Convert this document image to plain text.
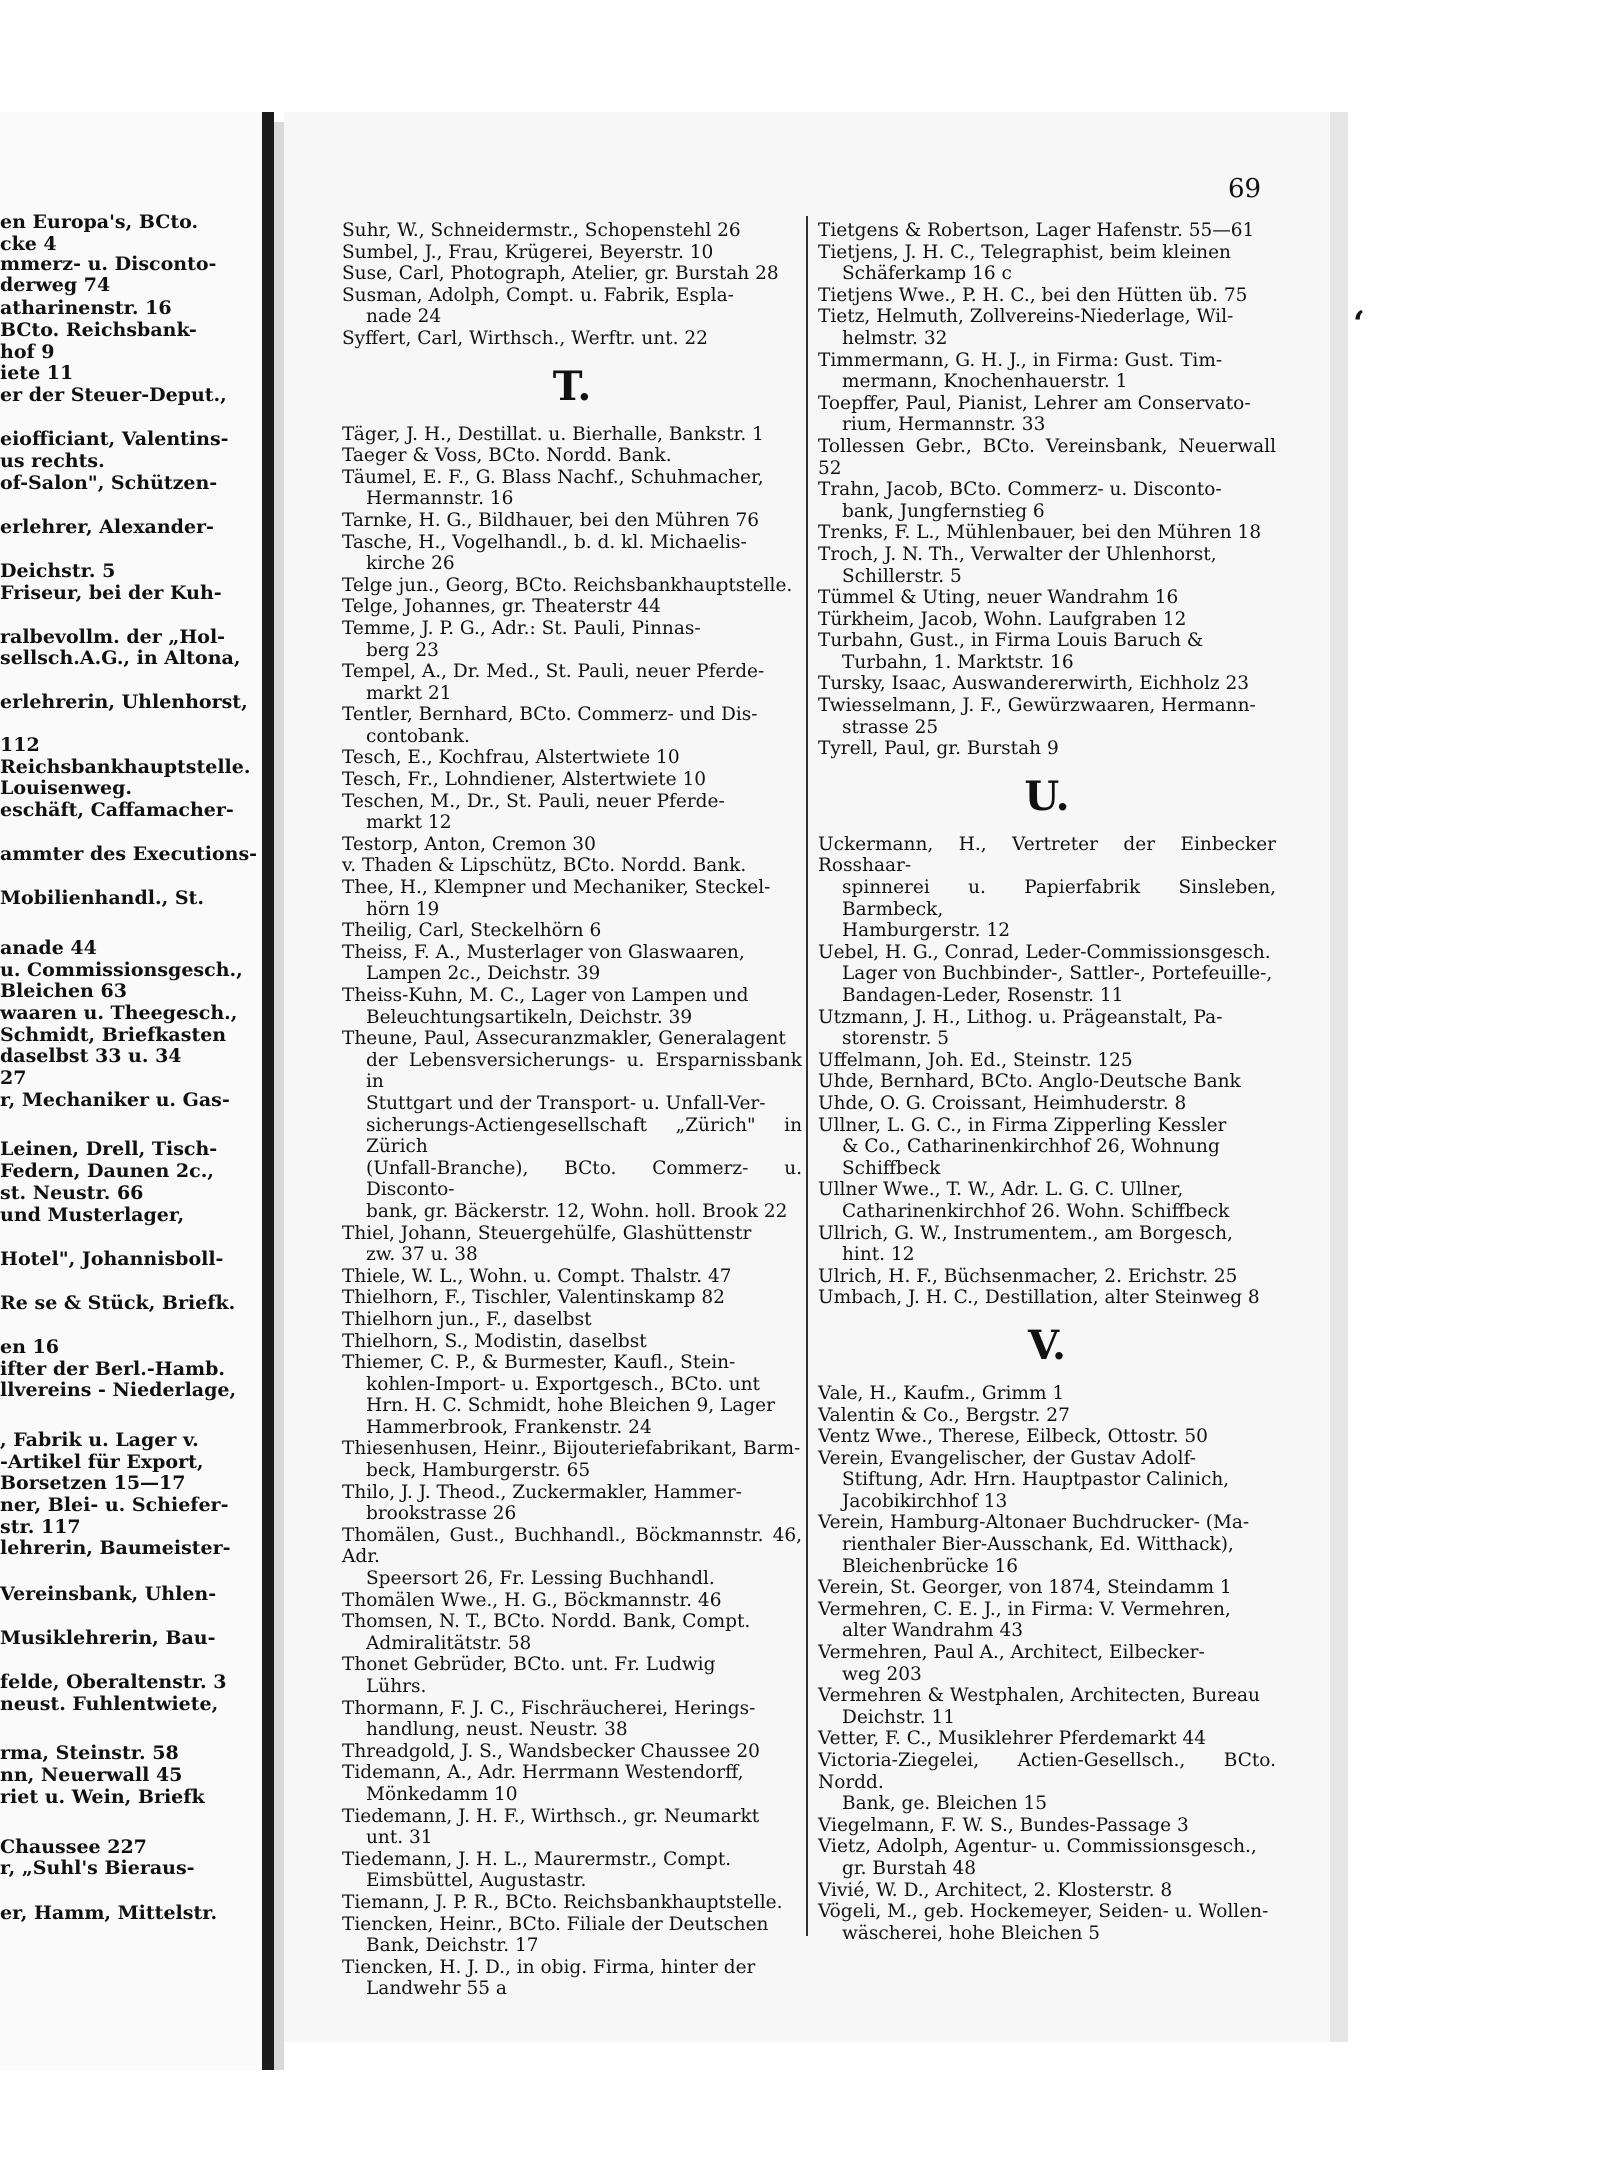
en Europa's, BCto.
cke 4
mmerz- u. Disconto-
derweg 74
atharinenstr. 16
BCto. Reichsbank-
hof 9
iete 11
er der Steuer-Deput.,
eiofficiant, Valentins-
us rechts.
of-Salon", Schützen-
erlehrer, Alexander-
Deichstr. 5
Friseur, bei der Kuh-
ralbevollm. der „Hol-
sellsch.A.G., in Altona,
erlehrerin, Uhlenhorst,
112
Reichsbankhauptstelle.
Louisenweg.
eschäft, Caffamacher-
ammter des Executions-
Mobilienhandl., St.
anade 44
u. Commissionsgesch.,
Bleichen 63
waaren u. Theegesch.,
Schmidt, Briefkasten
daselbst 33 u. 34
27
r, Mechaniker u. Gas-
Leinen, Drell, Tisch-
Federn, Daunen 2c.,
st. Neustr. 66
und Musterlager,
Hotel", Johannisboll-
Re se & Stück, Briefk.
en 16
ifter der Berl.-Hamb.
llvereins - Niederlage,
, Fabrik u. Lager v.
-Artikel für Export,
Borsetzen 15—17
ner, Blei- u. Schiefer-
str. 117
lehrerin, Baumeister-
Vereinsbank, Uhlen-
Musiklehrerin, Bau-
felde, Oberaltenstr. 3
neust. Fuhlentwiete,
rma, Steinstr. 58
nn, Neuerwall 45
riet u. Wein, Briefk
Chaussee 227
r, „Suhl's Bieraus-
er, Hamm, Mittelstr.
69
ʻ

Suhr, W., Schneidermstr., Schopenstehl 26

Sumbel, J., Frau, Krügerei, Beyerstr. 10

Suse, Carl, Photograph, Atelier, gr. Burstah 28

Susman, Adolph, Compt. u. Fabrik, Espla-
nade 24

Syffert, Carl, Wirthsch., Werftr. unt. 22

T.

Täger, J. H., Destillat. u. Bierhalle, Bankstr. 1

Taeger & Voss, BCto. Nordd. Bank.

Täumel, E. F., G. Blass Nachf., Schuhmacher,
Hermannstr. 16

Tarnke, H. G., Bildhauer, bei den Mühren 76

Tasche, H., Vogelhandl., b. d. kl. Michaelis-
kirche 26

Telge jun., Georg, BCto. Reichsbankhauptstelle.

Telge, Johannes, gr. Theaterstr 44

Temme, J. P. G., Adr.: St. Pauli, Pinnas-
berg 23

Tempel, A., Dr. Med., St. Pauli, neuer Pferde-
markt 21

Tentler, Bernhard, BCto. Commerz- und Dis-
contobank.

Tesch, E., Kochfrau, Alstertwiete 10

Tesch, Fr., Lohndiener, Alstertwiete 10

Teschen, M., Dr., St. Pauli, neuer Pferde-
markt 12

Testorp, Anton, Cremon 30

v. Thaden & Lipschütz, BCto. Nordd. Bank.

Thee, H., Klempner und Mechaniker, Steckel-
hörn 19

Theilig, Carl, Steckelhörn 6

Theiss, F. A., Musterlager von Glaswaaren,
Lampen 2c., Deichstr. 39

Theiss-Kuhn, M. C., Lager von Lampen und
Beleuchtungsartikeln, Deichstr. 39

Theune, Paul, Assecuranzmakler, Generalagent
der Lebensversicherungs- u. Ersparnissbank in
Stuttgart und der Transport- u. Unfall-Ver-
sicherungs-Actiengesellschaft „Zürich" in Zürich
(Unfall-Branche), BCto. Commerz- u. Disconto-
bank, gr. Bäckerstr. 12, Wohn. holl. Brook 22

Thiel, Johann, Steuergehülfe, Glashüttenstr
zw. 37 u. 38

Thiele, W. L., Wohn. u. Compt. Thalstr. 47

Thielhorn, F., Tischler, Valentinskamp 82

Thielhorn jun., F., daselbst

Thielhorn, S., Modistin, daselbst

Thiemer, C. P., & Burmester, Kaufl., Stein-
kohlen-Import- u. Exportgesch., BCto. unt
Hrn. H. C. Schmidt, hohe Bleichen 9, Lager
Hammerbrook, Frankenstr. 24

Thiesenhusen, Heinr., Bijouteriefabrikant, Barm-
beck, Hamburgerstr. 65

Thilo, J. J. Theod., Zuckermakler, Hammer-
brookstrasse 26

Thomälen, Gust., Buchhandl., Böckmannstr. 46, Adr.
Speersort 26, Fr. Lessing Buchhandl.

Thomälen Wwe., H. G., Böckmannstr. 46

Thomsen, N. T., BCto. Nordd. Bank, Compt.
Admiralitätstr. 58

Thonet Gebrüder, BCto. unt. Fr. Ludwig
Lührs.

Thormann, F. J. C., Fischräucherei, Herings-
handlung, neust. Neustr. 38

Threadgold, J. S., Wandsbecker Chaussee 20

Tidemann, A., Adr. Herrmann Westendorff,
Mönkedamm 10

Tiedemann, J. H. F., Wirthsch., gr. Neumarkt
unt. 31

Tiedemann, J. H. L., Maurermstr., Compt.
Eimsbüttel, Augustastr.

Tiemann, J. P. R., BCto. Reichsbankhauptstelle.

Tiencken, Heinr., BCto. Filiale der Deutschen
Bank, Deichstr. 17

Tiencken, H. J. D., in obig. Firma, hinter der
Landwehr 55 a

Tietgens & Robertson, Lager Hafenstr. 55—61

Tietjens, J. H. C., Telegraphist, beim kleinen
Schäferkamp 16 c

Tietjens Wwe., P. H. C., bei den Hütten üb. 75

Tietz, Helmuth, Zollvereins-Niederlage, Wil-
helmstr. 32

Timmermann, G. H. J., in Firma: Gust. Tim-
mermann, Knochenhauerstr. 1

Toepffer, Paul, Pianist, Lehrer am Conservato-
rium, Hermannstr. 33

Tollessen Gebr., BCto. Vereinsbank, Neuerwall 52

Trahn, Jacob, BCto. Commerz- u. Disconto-
bank, Jungfernstieg 6

Trenks, F. L., Mühlenbauer, bei den Mühren 18

Troch, J. N. Th., Verwalter der Uhlenhorst,
Schillerstr. 5

Tümmel & Uting, neuer Wandrahm 16

Türkheim, Jacob, Wohn. Laufgraben 12

Turbahn, Gust., in Firma Louis Baruch &
Turbahn, 1. Marktstr. 16

Tursky, Isaac, Auswandererwirth, Eichholz 23

Twiesselmann, J. F., Gewürzwaaren, Hermann-
strasse 25

Tyrell, Paul, gr. Burstah 9

U.

Uckermann, H., Vertreter der Einbecker Rosshaar-
spinnerei u. Papierfabrik Sinsleben, Barmbeck,
Hamburgerstr. 12

Uebel, H. G., Conrad, Leder-Commissionsgesch.
Lager von Buchbinder-, Sattler-, Portefeuille-,
Bandagen-Leder, Rosenstr. 11

Utzmann, J. H., Lithog. u. Prägeanstalt, Pa-
storenstr. 5

Uffelmann, Joh. Ed., Steinstr. 125

Uhde, Bernhard, BCto. Anglo-Deutsche Bank

Uhde, O. G. Croissant, Heimhuderstr. 8

Ullner, L. G. C., in Firma Zipperling Kessler
& Co., Catharinenkirchhof 26, Wohnung
Schiffbeck

Ullner Wwe., T. W., Adr. L. G. C. Ullner,
Catharinenkirchhof 26. Wohn. Schiffbeck

Ullrich, G. W., Instrumentem., am Borgesch,
hint. 12

Ulrich, H. F., Büchsenmacher, 2. Erichstr. 25

Umbach, J. H. C., Destillation, alter Steinweg 8

V.

Vale, H., Kaufm., Grimm 1

Valentin & Co., Bergstr. 27

Ventz Wwe., Therese, Eilbeck, Ottostr. 50

Verein, Evangelischer, der Gustav Adolf-
Stiftung, Adr. Hrn. Hauptpastor Calinich,
Jacobikirchhof 13

Verein, Hamburg-Altonaer Buchdrucker- (Ma-
rienthaler Bier-Ausschank, Ed. Witthack),
Bleichenbrücke 16

Verein, St. Georger, von 1874, Steindamm 1

Vermehren, C. E. J., in Firma: V. Vermehren,
alter Wandrahm 43

Vermehren, Paul A., Architect, Eilbecker-
weg 203

Vermehren & Westphalen, Architecten, Bureau
Deichstr. 11

Vetter, F. C., Musiklehrer Pferdemarkt 44

Victoria-Ziegelei, Actien-Gesellsch., BCto. Nordd.
Bank, ge. Bleichen 15

Viegelmann, F. W. S., Bundes-Passage 3

Vietz, Adolph, Agentur- u. Commissionsgesch.,
gr. Burstah 48

Vivié, W. D., Architect, 2. Klosterstr. 8

Vögeli, M., geb. Hockemeyer, Seiden- u. Wollen-
wäscherei, hohe Bleichen 5
